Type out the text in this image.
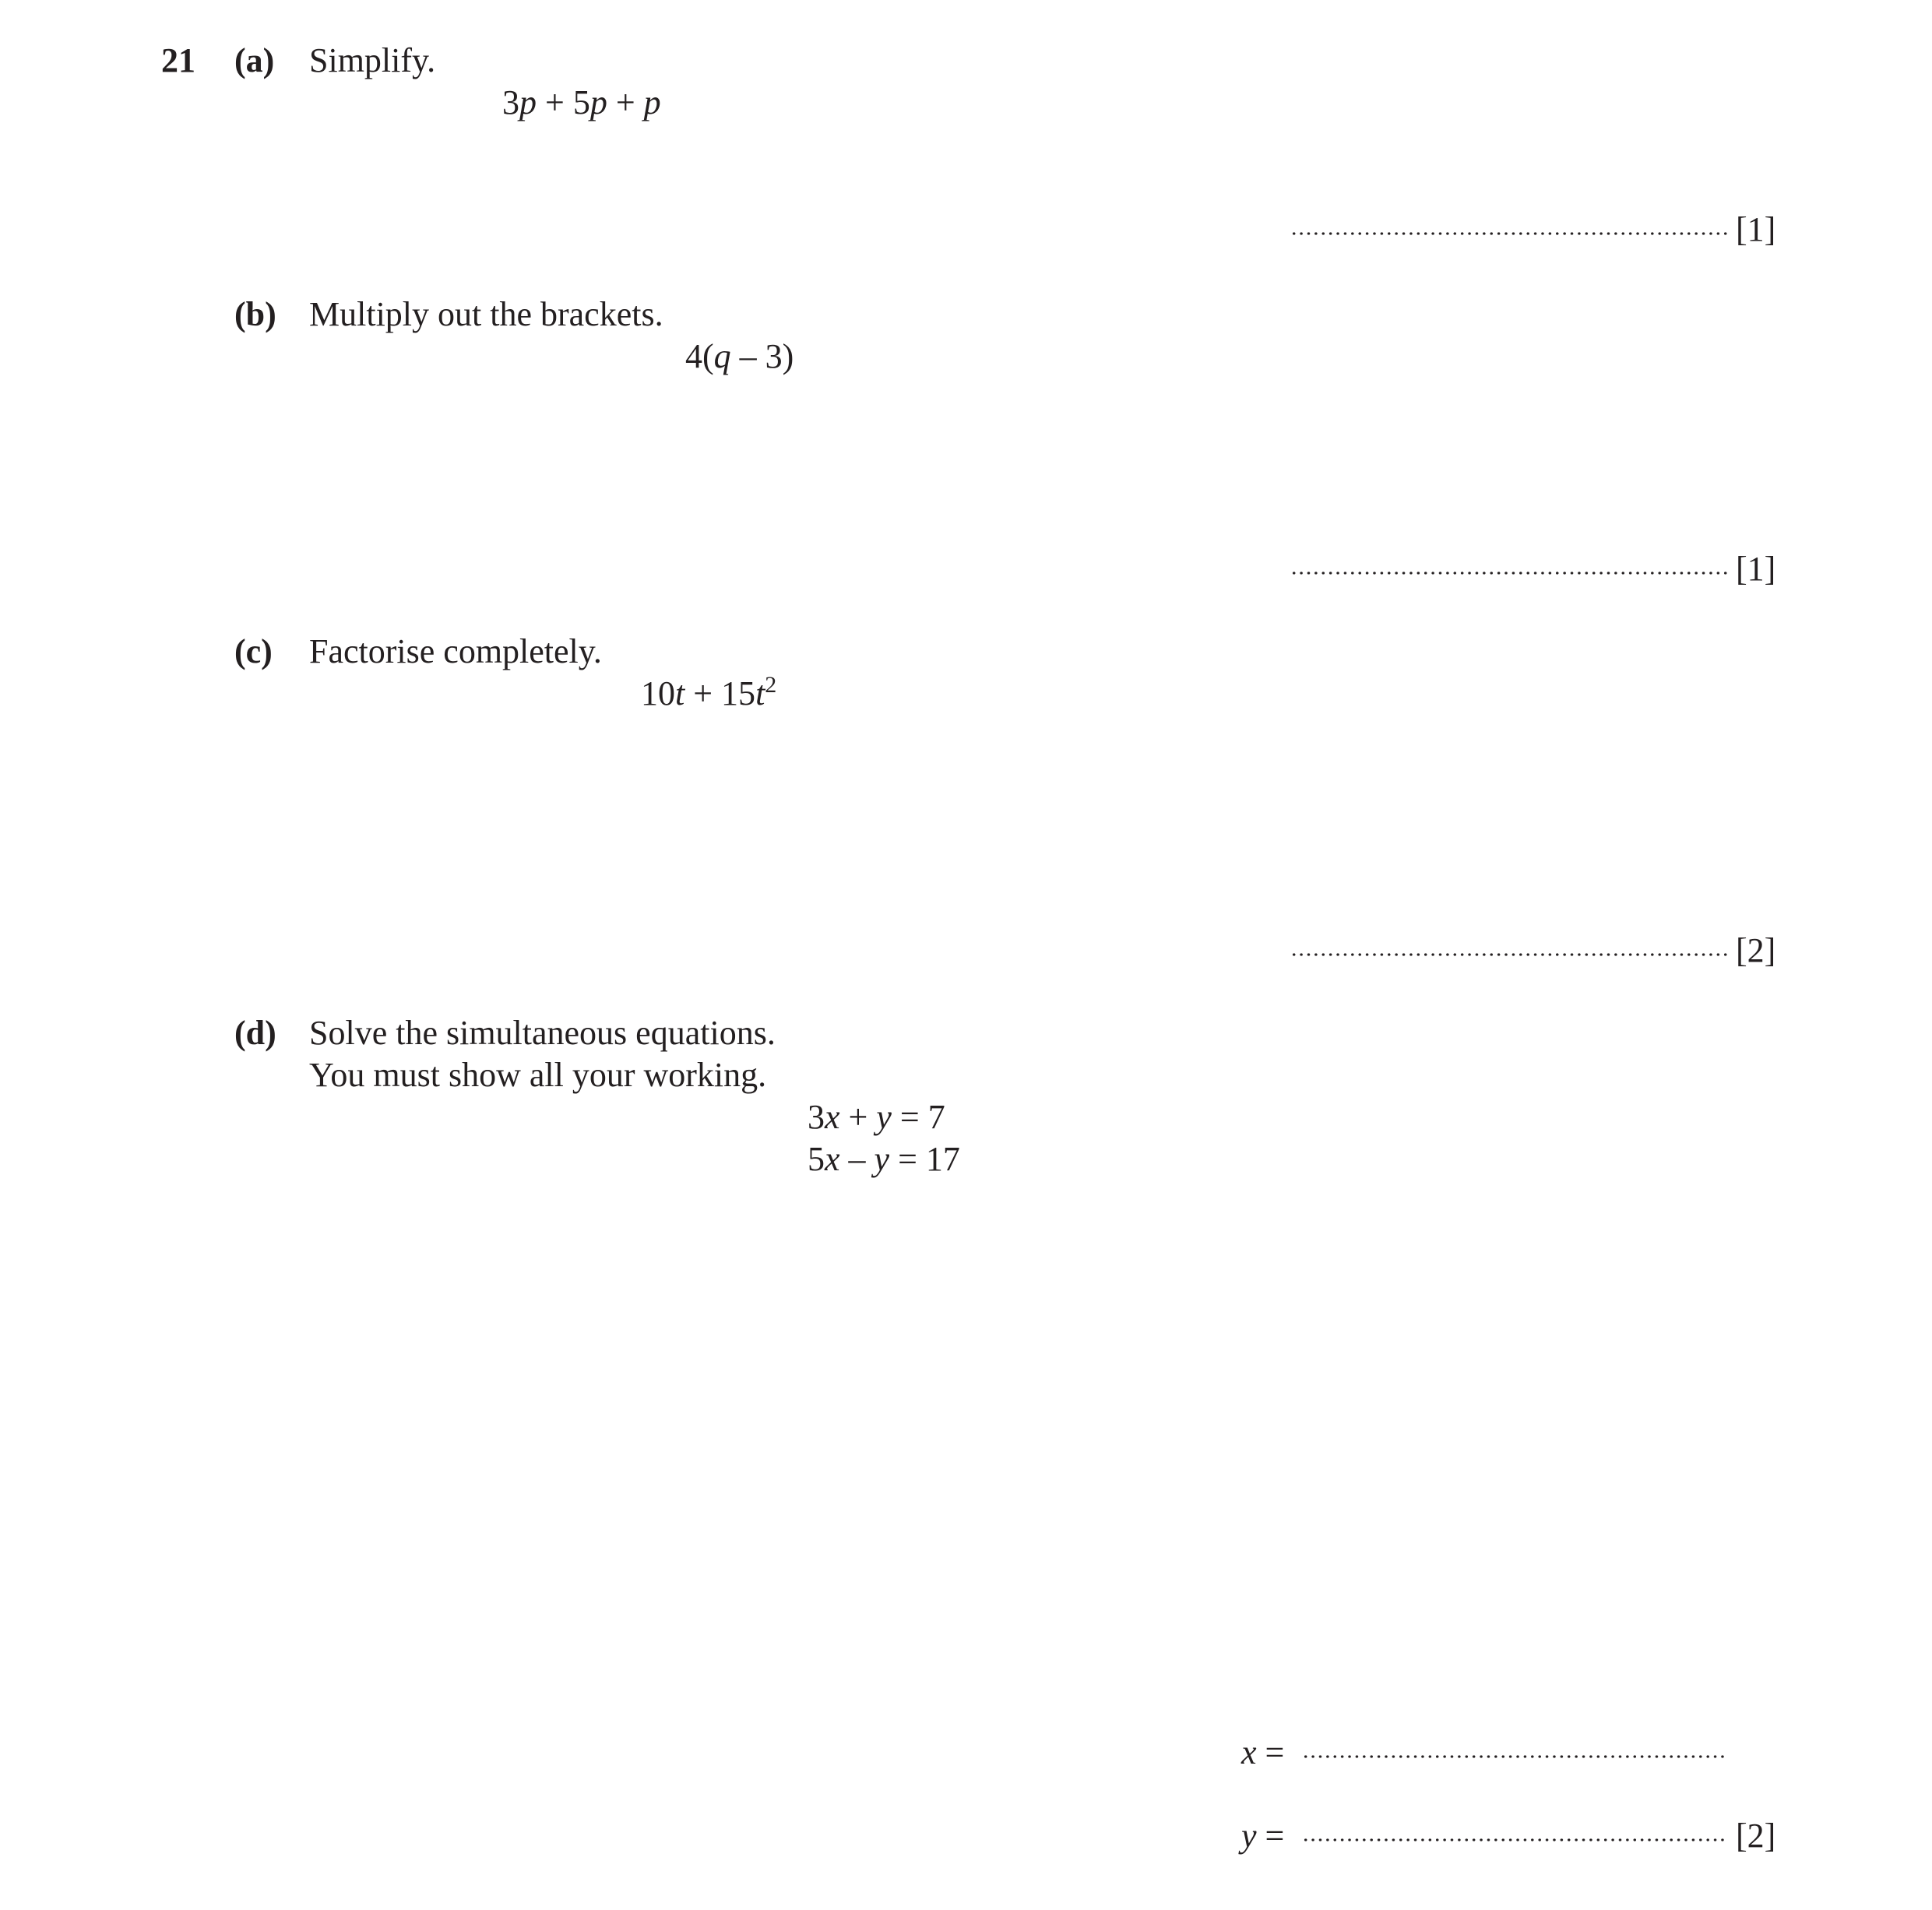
21 (a) Simplify.
3p + 5p + p
[1]
(b) Multiply out the brackets.
4(q – 3)
[1]
(c) Factorise completely.
$10t + 15t^2$
[2]
(d) Solve the simultaneous equations.
You must show all your working.
3x + y = 7
5x – y = 17
x =
y =	[2]
